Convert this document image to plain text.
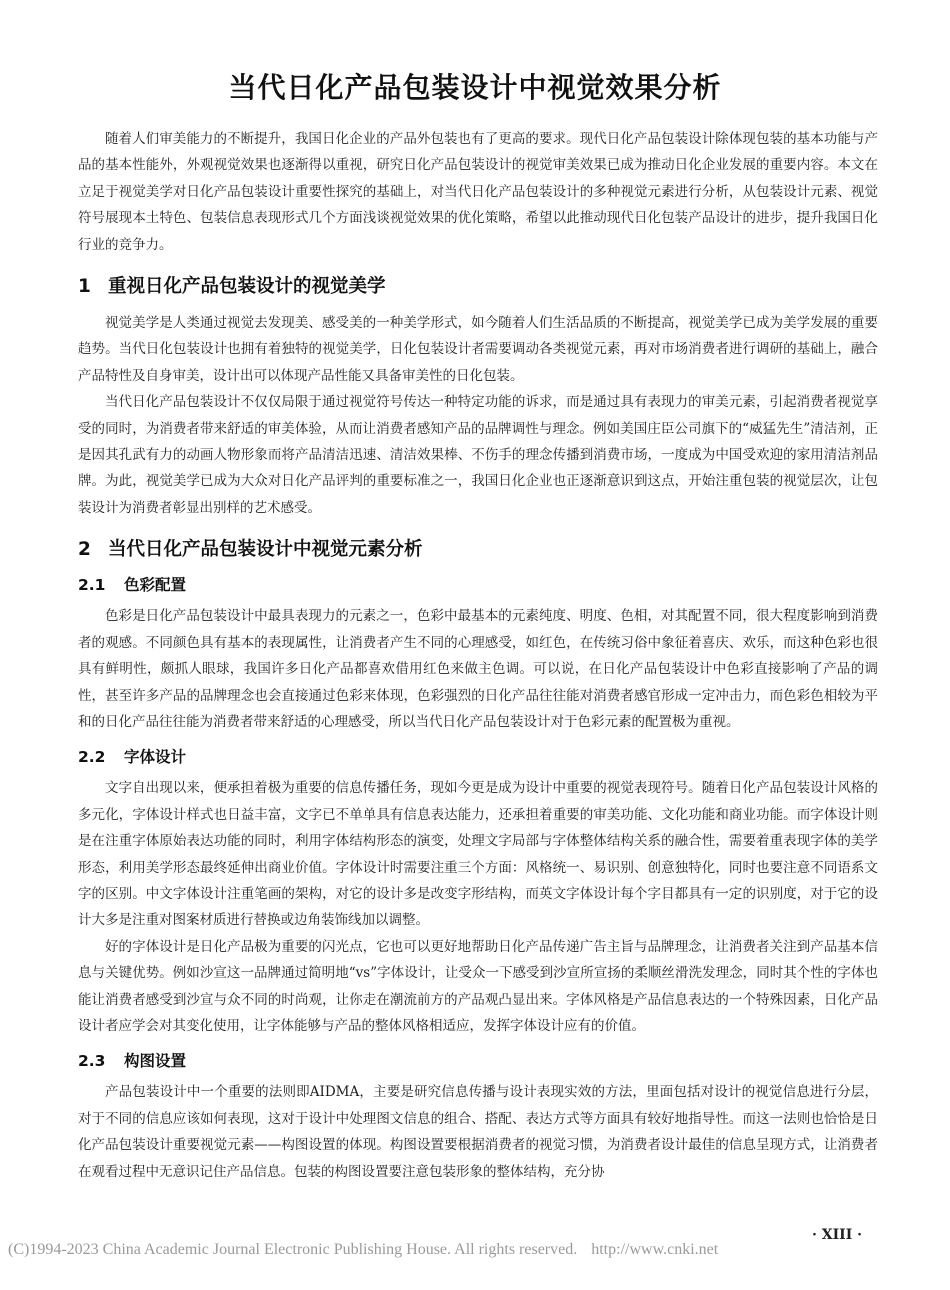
当代日化产品包装设计中视觉效果分析

随着人们审美能力的不断提升，我国日化企业的产品外包装也有了更高的要求。现代日化产品包装设计除体现包装的基本功能与产品的基本性能外，外观视觉效果也逐渐得以重视，研究日化产品包装设计的视觉审美效果已成为推动日化企业发展的重要内容。本文在立足于视觉美学对日化产品包装设计重要性探究的基础上，对当代日化产品包装设计的多种视觉元素进行分析，从包装设计元素、视觉符号展现本土特色、包装信息表现形式几个方面浅谈视觉效果的优化策略，希望以此推动现代日化包装产品设计的进步，提升我国日化行业的竞争力。

1 重视日化产品包装设计的视觉美学

视觉美学是人类通过视觉去发现美、感受美的一种美学形式，如今随着人们生活品质的不断提高，视觉美学已成为美学发展的重要趋势。当代日化包装设计也拥有着独特的视觉美学，日化包装设计者需要调动各类视觉元素，再对市场消费者进行调研的基础上，融合产品特性及自身审美，设计出可以体现产品性能又具备审美性的日化包装。

当代日化产品包装设计不仅仅局限于通过视觉符号传达一种特定功能的诉求，而是通过具有表现力的审美元素，引起消费者视觉享受的同时，为消费者带来舒适的审美体验，从而让消费者感知产品的品牌调性与理念。例如美国庄臣公司旗下的“威猛先生”清洁剂，正是因其孔武有力的动画人物形象而将产品清洁迅速、清洁效果棒、不伤手的理念传播到消费市场，一度成为中国受欢迎的家用清洁剂品牌。为此，视觉美学已成为大众对日化产品评判的重要标准之一，我国日化企业也正逐渐意识到这点，开始注重包装的视觉层次，让包装设计为消费者彰显出别样的艺术感受。

2 当代日化产品包装设计中视觉元素分析
2.1 色彩配置

色彩是日化产品包装设计中最具表现力的元素之一，色彩中最基本的元素纯度、明度、色相，对其配置不同，很大程度影响到消费者的观感。不同颜色具有基本的表现属性，让消费者产生不同的心理感受，如红色，在传统习俗中象征着喜庆、欢乐，而这种色彩也很具有鲜明性，颇抓人眼球，我国许多日化产品都喜欢借用红色来做主色调。可以说，在日化产品包装设计中色彩直接影响了产品的调性，甚至许多产品的品牌理念也会直接通过色彩来体现，色彩强烈的日化产品往往能对消费者感官形成一定冲击力，而色彩色相较为平和的日化产品往往能为消费者带来舒适的心理感受，所以当代日化产品包装设计对于色彩元素的配置极为重视。

2.2 字体设计

文字自出现以来，便承担着极为重要的信息传播任务，现如今更是成为设计中重要的视觉表现符号。随着日化产品包装设计风格的多元化，字体设计样式也日益丰富，文字已不单单具有信息表达能力，还承担着重要的审美功能、文化功能和商业功能。而字体设计则是在注重字体原始表达功能的同时，利用字体结构形态的演变，处理文字局部与字体整体结构关系的融合性，需要着重表现字体的美学形态，利用美学形态最终延伸出商业价值。字体设计时需要注重三个方面：风格统一、易识别、创意独特化，同时也要注意不同语系文字的区别。中文字体设计注重笔画的架构，对它的设计多是改变字形结构，而英文字体设计每个字目都具有一定的识别度，对于它的设计大多是注重对图案材质进行替换或边角装饰线加以调整。

好的字体设计是日化产品极为重要的闪光点，它也可以更好地帮助日化产品传递广告主旨与品牌理念，让消费者关注到产品基本信息与关键优势。例如沙宣这一品牌通过简明地“vs”字体设计，让受众一下感受到沙宣所宣扬的柔顺丝滑洗发理念，同时其个性的字体也能让消费者感受到沙宣与众不同的时尚观，让你走在潮流前方的产品观凸显出来。字体风格是产品信息表达的一个特殊因素，日化产品设计者应学会对其变化使用，让字体能够与产品的整体风格相适应，发挥字体设计应有的价值。

2.3 构图设置

产品包装设计中一个重要的法则即AIDMA，主要是研究信息传播与设计表现实效的方法，里面包括对设计的视觉信息进行分层，对于不同的信息应该如何表现，这对于设计中处理图文信息的组合、搭配、表达方式等方面具有较好地指导性。而这一法则也恰恰是日化产品包装设计重要视觉元素——构图设置的体现。构图设置要根据消费者的视觉习惯，为消费者设计最佳的信息呈现方式，让消费者在观看过程中无意识记住产品信息。包装的构图设置要注意包装形象的整体结构，充分协

· XIII ·
(C)1994-2023 China Academic Journal Electronic Publishing House. All rights reserved. http://www.cnki.net
